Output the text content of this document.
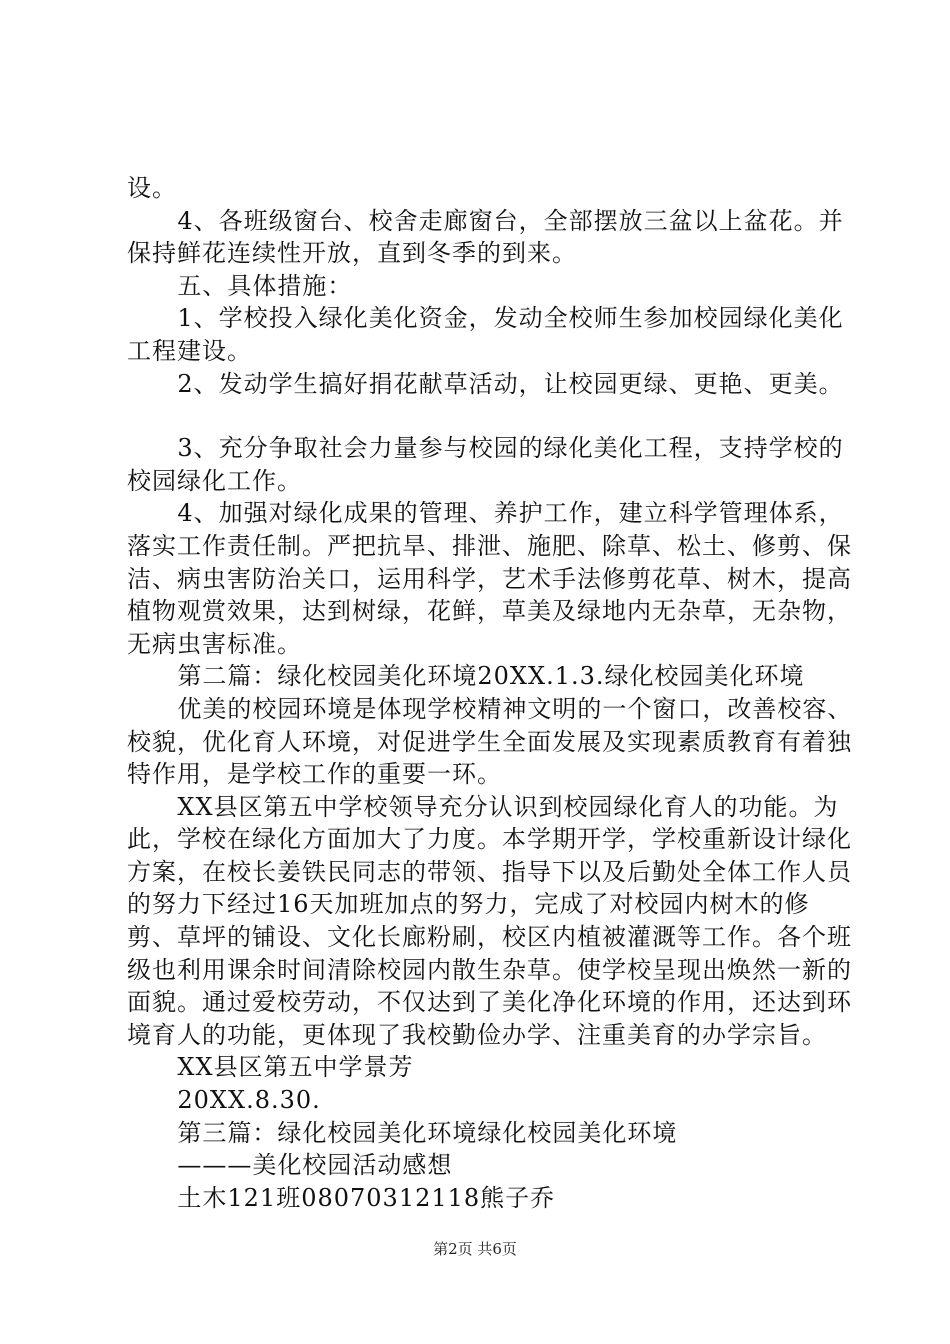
设。

4、各班级窗台、校舍走廊窗台，全部摆放三盆以上盆花。并保持鲜花连续性开放，直到冬季的到来。

五、具体措施：

1、学校投入绿化美化资金，发动全校师生参加校园绿化美化工程建设。

2、发动学生搞好捐花献草活动，让校园更绿、更艳、更美。

3、充分争取社会力量参与校园的绿化美化工程，支持学校的校园绿化工作。

4、加强对绿化成果的管理、养护工作，建立科学管理体系，落实工作责任制。严把抗旱、排泄、施肥、除草、松土、修剪、保洁、病虫害防治关口，运用科学，艺术手法修剪花草、树木，提高植物观赏效果，达到树绿，花鲜，草美及绿地内无杂草，无杂物，无病虫害标准。

第二篇：绿化校园美化环境20XX.1.3.绿化校园美化环境

优美的校园环境是体现学校精神文明的一个窗口，改善校容、校貌，优化育人环境，对促进学生全面发展及实现素质教育有着独特作用，是学校工作的重要一环。

XX县区第五中学校领导充分认识到校园绿化育人的功能。为此，学校在绿化方面加大了力度。本学期开学，学校重新设计绿化方案，在校长姜铁民同志的带领、指导下以及后勤处全体工作人员的努力下经过16天加班加点的努力，完成了对校园内树木的修剪、草坪的铺设、文化长廊粉刷，校区内植被灌溉等工作。各个班级也利用课余时间清除校园内散生杂草。使学校呈现出焕然一新的面貌。通过爱校劳动，不仅达到了美化净化环境的作用，还达到环境育人的功能，更体现了我校勤俭办学、注重美育的办学宗旨。

XX县区第五中学景芳

20XX.8.30.

第三篇：绿化校园美化环境绿化校园美化环境

———美化校园活动感想

土木121班08070312118熊子乔

第2页 共6页
